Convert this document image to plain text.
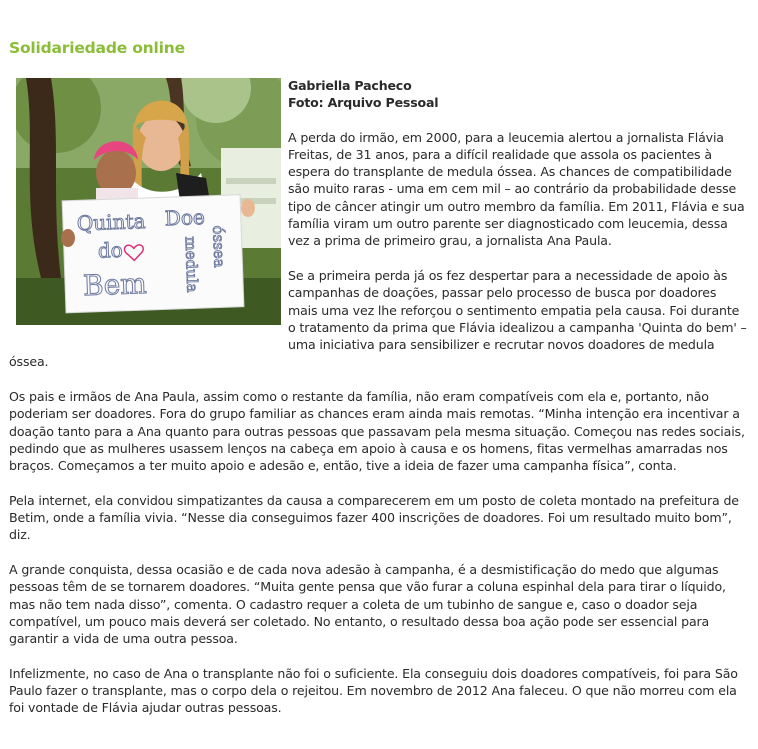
Solidariedade online
Quinta
do
Bem
Doe
medula óssea
Gabriella Pacheco
Foto: Arquivo Pessoal

A perda do irmão, em 2000, para a leucemia alertou a jornalista Flávia Freitas, de 31 anos, para a difícil realidade que assola os pacientes à espera do transplante de medula óssea. As chances de compatibilidade são muito raras - uma em cem mil – ao contrário da probabilidade desse tipo de câncer atingir um outro membro da família. Em 2011, Flávia e sua família viram um outro parente ser diagnosticado com leucemia, dessa vez a prima de primeiro grau, a jornalista Ana Paula.

Se a primeira perda já os fez despertar para a necessidade de apoio às campanhas de doações, passar pelo processo de busca por doadores mais uma vez lhe reforçou o sentimento empatia pela causa. Foi durante o tratamento da prima que Flávia idealizou a campanha 'Quinta do bem' – uma iniciativa para sensibilizer e recrutar novos doadores de medula óssea.

Os pais e irmãos de Ana Paula, assim como o restante da família, não eram compatíveis com ela e, portanto, não poderiam ser doadores. Fora do grupo familiar as chances eram ainda mais remotas. “Minha intenção era incentivar a doação tanto para a Ana quanto para outras pessoas que passavam pela mesma situação. Começou nas redes sociais, pedindo que as mulheres usassem lenços na cabeça em apoio à causa e os homens, fitas vermelhas amarradas nos braços. Começamos a ter muito apoio e adesão e, então, tive a ideia de fazer uma campanha física”, conta.

Pela internet, ela convidou simpatizantes da causa a comparecerem em um posto de coleta montado na prefeitura de Betim, onde a família vivia. “Nesse dia conseguimos fazer 400 inscrições de doadores. Foi um resultado muito bom”, diz.

A grande conquista, dessa ocasião e de cada nova adesão à campanha, é a desmistificação do medo que algumas pessoas têm de se tornarem doadores. “Muita gente pensa que vão furar a coluna espinhal dela para tirar o líquido, mas não tem nada disso”, comenta. O cadastro requer a coleta de um tubinho de sangue e, caso o doador seja compatível, um pouco mais deverá ser coletado. No entanto, o resultado dessa boa ação pode ser essencial para garantir a vida de uma outra pessoa.

Infelizmente, no caso de Ana o transplante não foi o suficiente. Ela conseguiu dois doadores compatíveis, foi para São Paulo fazer o transplante, mas o corpo dela o rejeitou. Em novembro de 2012 Ana faleceu. O que não morreu com ela foi vontade de Flávia ajudar outras pessoas.
